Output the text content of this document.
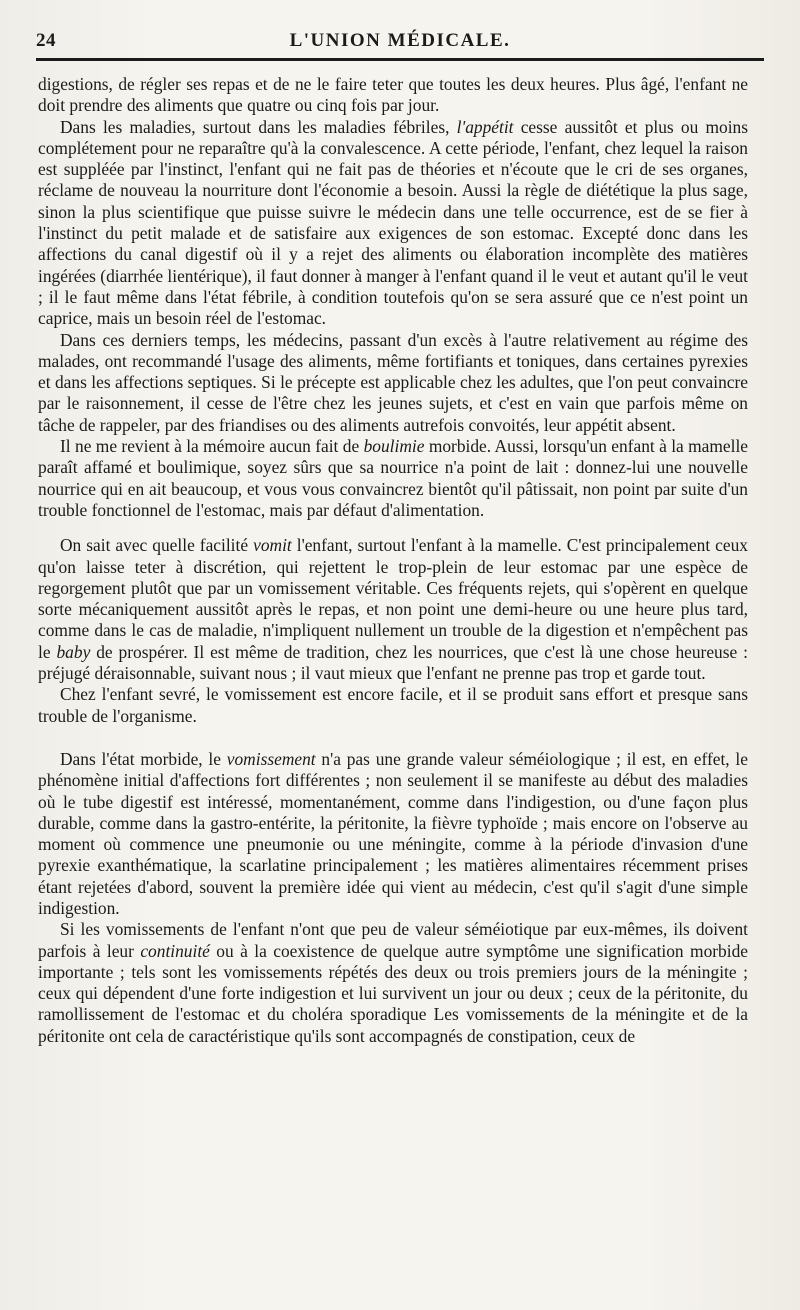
24	L'UNION MÉDICALE.

digestions, de régler ses repas et de ne le faire teter que toutes les deux heures. Plus âgé, l'enfant ne doit prendre des aliments que quatre ou cinq fois par jour.

Dans les maladies, surtout dans les maladies fébriles, l'appétit cesse aussitôt et plus ou moins complétement pour ne reparaître qu'à la convalescence. A cette période, l'enfant, chez lequel la raison est suppléée par l'instinct, l'enfant qui ne fait pas de théories et n'écoute que le cri de ses organes, réclame de nouveau la nourriture dont l'économie a besoin. Aussi la règle de diététique la plus sage, sinon la plus scientifique que puisse suivre le médecin dans une telle occurrence, est de se fier à l'instinct du petit malade et de satisfaire aux exigences de son estomac. Excepté donc dans les affections du canal digestif où il y a rejet des aliments ou élaboration incomplète des matières ingérées (diarrhée lientérique), il faut donner à manger à l'enfant quand il le veut et autant qu'il le veut ; il le faut même dans l'état fébrile, à condition toutefois qu'on se sera assuré que ce n'est point un caprice, mais un besoin réel de l'estomac.

Dans ces derniers temps, les médecins, passant d'un excès à l'autre relativement au régime des malades, ont recommandé l'usage des aliments, même fortifiants et toniques, dans certaines pyrexies et dans les affections septiques. Si le précepte est applicable chez les adultes, que l'on peut convaincre par le raisonnement, il cesse de l'être chez les jeunes sujets, et c'est en vain que parfois même on tâche de rappeler, par des friandises ou des aliments autrefois convoités, leur appétit absent.

Il ne me revient à la mémoire aucun fait de boulimie morbide. Aussi, lorsqu'un enfant à la mamelle paraît affamé et boulimique, soyez sûrs que sa nourrice n'a point de lait : donnez-lui une nouvelle nourrice qui en ait beaucoup, et vous vous convaincrez bientôt qu'il pâtissait, non point par suite d'un trouble fonctionnel de l'estomac, mais par défaut d'alimentation.

On sait avec quelle facilité vomit l'enfant, surtout l'enfant à la mamelle. C'est principalement ceux qu'on laisse teter à discrétion, qui rejettent le trop-plein de leur estomac par une espèce de regorgement plutôt que par un vomissement véritable. Ces fréquents rejets, qui s'opèrent en quelque sorte mécaniquement aussitôt après le repas, et non point une demi-heure ou une heure plus tard, comme dans le cas de maladie, n'impliquent nullement un trouble de la digestion et n'empêchent pas le baby de prospérer. Il est même de tradition, chez les nourrices, que c'est là une chose heureuse : préjugé déraisonnable, suivant nous ; il vaut mieux que l'enfant ne prenne pas trop et garde tout.

Chez l'enfant sevré, le vomissement est encore facile, et il se produit sans effort et presque sans trouble de l'organisme.

Dans l'état morbide, le vomissement n'a pas une grande valeur séméiologique ; il est, en effet, le phénomène initial d'affections fort différentes ; non seulement il se manifeste au début des maladies où le tube digestif est intéressé, momentanément, comme dans l'indigestion, ou d'une façon plus durable, comme dans la gastro-entérite, la péritonite, la fièvre typhoïde ; mais encore on l'observe au moment où commence une pneumonie ou une méningite, comme à la période d'invasion d'une pyrexie exanthématique, la scarlatine principalement ; les matières alimentaires récemment prises étant rejetées d'abord, souvent la première idée qui vient au médecin, c'est qu'il s'agit d'une simple indigestion.

Si les vomissements de l'enfant n'ont que peu de valeur séméiotique par eux-mêmes, ils doivent parfois à leur continuité ou à la coexistence de quelque autre symptôme une signification morbide importante ; tels sont les vomissements répétés des deux ou trois premiers jours de la méningite ; ceux qui dépendent d'une forte indigestion et lui survivent un jour ou deux ; ceux de la péritonite, du ramollissement de l'estomac et du choléra sporadique Les vomissements de la méningite et de la péritonite ont cela de caractéristique qu'ils sont accompagnés de constipation, ceux de
